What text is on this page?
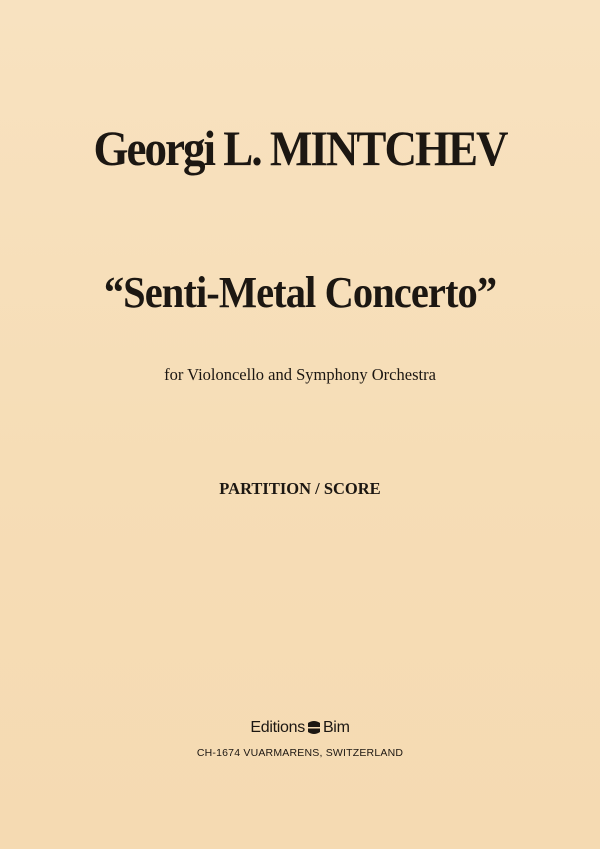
Georgi L. MINTCHEV
“Senti-Metal Concerto”
for Violoncello and Symphony Orchestra
PARTITION / SCORE
Editions Bim
CH-1674 VUARMARENS, SWITZERLAND
